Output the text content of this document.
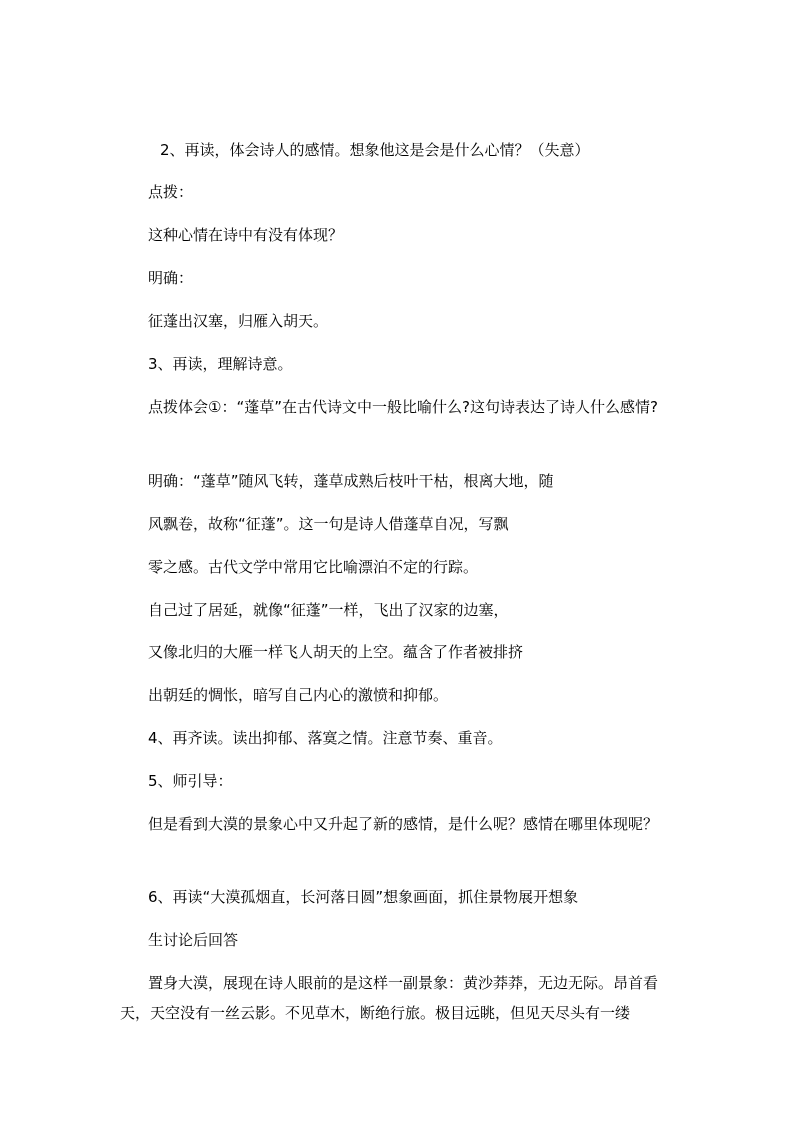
2、再读，体会诗人的感情。想象他这是会是什么心情？（失意）
点拨：
这种心情在诗中有没有体现？
明确：
征蓬出汉塞，归雁入胡天。
3、再读，理解诗意。
点拨体会①：“蓬草”在古代诗文中一般比喻什么?这句诗表达了诗人什么感情?
明确：“蓬草”随风飞转，蓬草成熟后枝叶干枯，根离大地，随
风飘卷，故称“征蓬”。这一句是诗人借蓬草自况，写飘
零之感。古代文学中常用它比喻漂泊不定的行踪。
自己过了居延，就像“征蓬”一样，飞出了汉家的边塞，
又像北归的大雁一样飞人胡天的上空。蕴含了作者被排挤
出朝廷的惆怅，暗写自己内心的激愤和抑郁。
4、再齐读。读出抑郁、落寞之情。注意节奏、重音。
5、师引导：
但是看到大漠的景象心中又升起了新的感情，是什么呢？感情在哪里体现呢？
6、再读“大漠孤烟直，长河落日圆”想象画面，抓住景物展开想象
生讨论后回答
置身大漠，展现在诗人眼前的是这样一副景象：黄沙莽莽，无边无际。昂首看天，天空没有一丝云影。不见草木，断绝行旅。极目远眺，但见天尽头有一缕
